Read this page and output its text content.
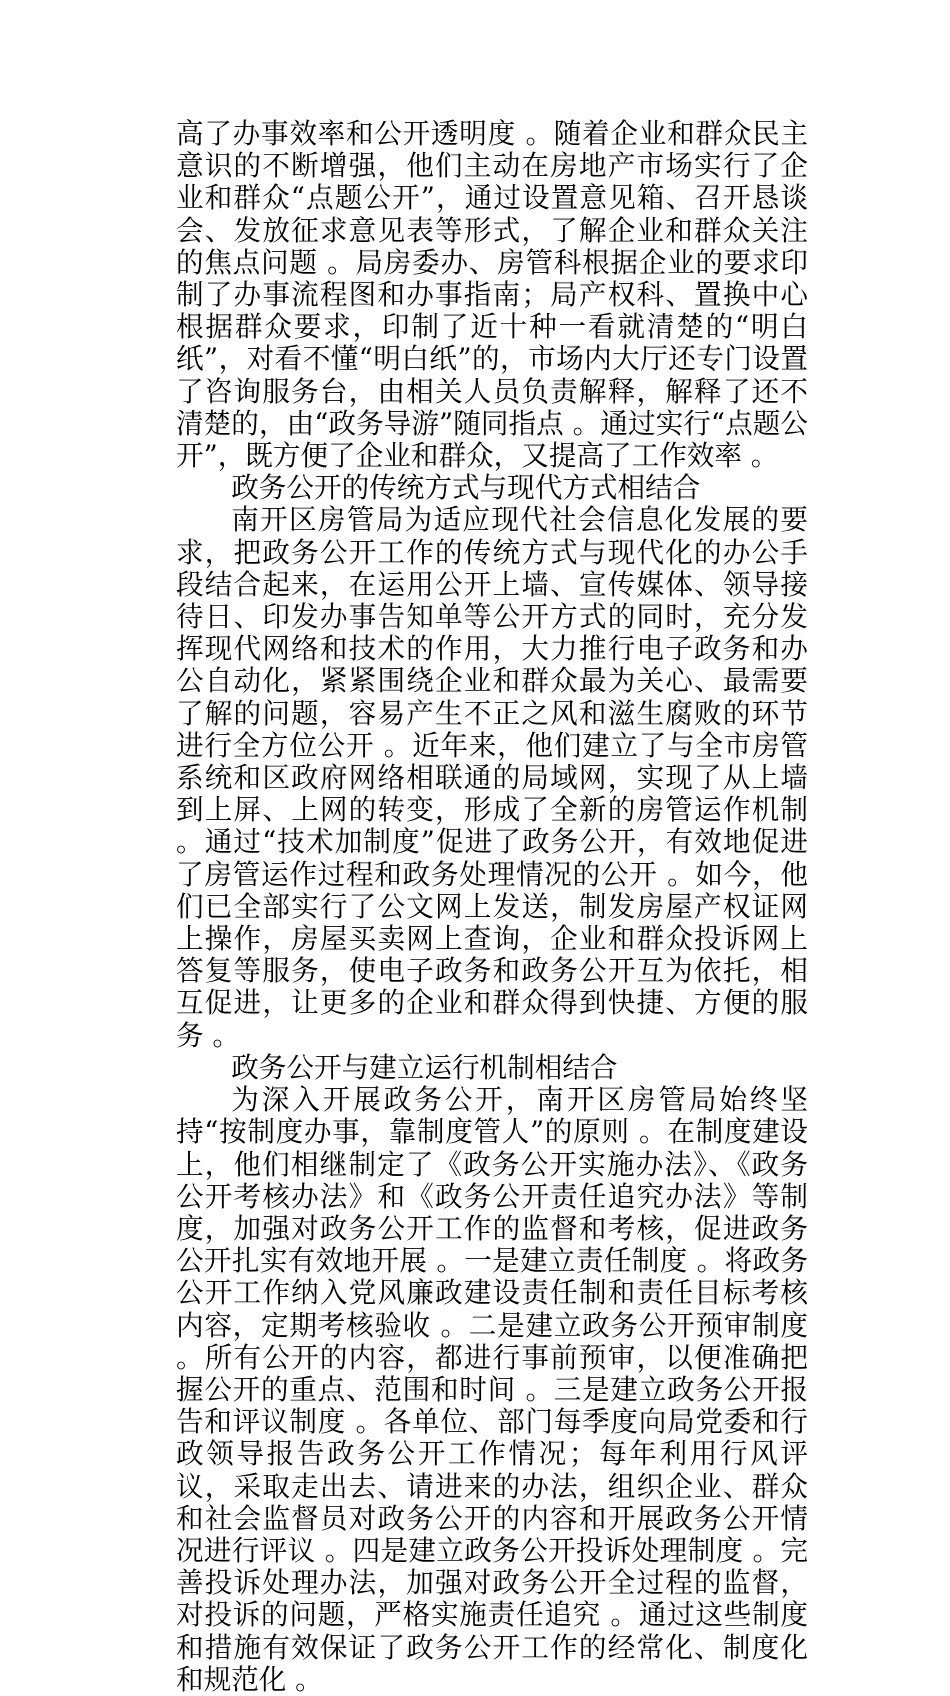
高了办事效率和公开透明度 。随着企业和群众民主意识的不断增强，他们主动在房地产市场实行了企业和群众“点题公开”，通过设置意见箱、召开恳谈会、发放征求意见表等形式，了解企业和群众关注的焦点问题 。局房委办、房管科根据企业的要求印制了办事流程图和办事指南；局产权科、置换中心根据群众要求，印制了近十种一看就清楚的“明白纸”，对看不懂“明白纸”的，市场内大厅还专门设置了咨询服务台，由相关人员负责解释，解释了还不清楚的，由“政务导游”随同指点 。通过实行“点题公开”，既方便了企业和群众，又提高了工作效率 。

政务公开的传统方式与现代方式相结合

南开区房管局为适应现代社会信息化发展的要求，把政务公开工作的传统方式与现代化的办公手段结合起来，在运用公开上墙、宣传媒体、领导接待日、印发办事告知单等公开方式的同时，充分发挥现代网络和技术的作用，大力推行电子政务和办公自动化，紧紧围绕企业和群众最为关心、最需要了解的问题，容易产生不正之风和滋生腐败的环节进行全方位公开 。近年来，他们建立了与全市房管系统和区政府网络相联通的局域网，实现了从上墙到上屏、上网的转变，形成了全新的房管运作机制 。通过“技术加制度”促进了政务公开，有效地促进了房管运作过程和政务处理情况的公开 。如今，他们已全部实行了公文网上发送，制发房屋产权证网上操作，房屋买卖网上查询，企业和群众投诉网上答复等服务，使电子政务和政务公开互为依托，相互促进，让更多的企业和群众得到快捷、方便的服务 。

政务公开与建立运行机制相结合

为深入开展政务公开，南开区房管局始终坚持“按制度办事，靠制度管人”的原则 。在制度建设上，他们相继制定了《政务公开实施办法》、《政务公开考核办法》和《政务公开责任追究办法》等制度，加强对政务公开工作的监督和考核，促进政务公开扎实有效地开展 。一是建立责任制度 。将政务公开工作纳入党风廉政建设责任制和责任目标考核内容，定期考核验收 。二是建立政务公开预审制度 。所有公开的内容，都进行事前预审，以便准确把握公开的重点、范围和时间 。三是建立政务公开报告和评议制度 。各单位、部门每季度向局党委和行政领导报告政务公开工作情况；每年利用行风评议，采取走出去、请进来的办法，组织企业、群众和社会监督员对政务公开的内容和开展政务公开情况进行评议 。四是建立政务公开投诉处理制度 。完善投诉处理办法，加强对政务公开全过程的监督，对投诉的问题，严格实施责任追究 。通过这些制度和措施有效保证了政务公开工作的经常化、制度化和规范化 。
